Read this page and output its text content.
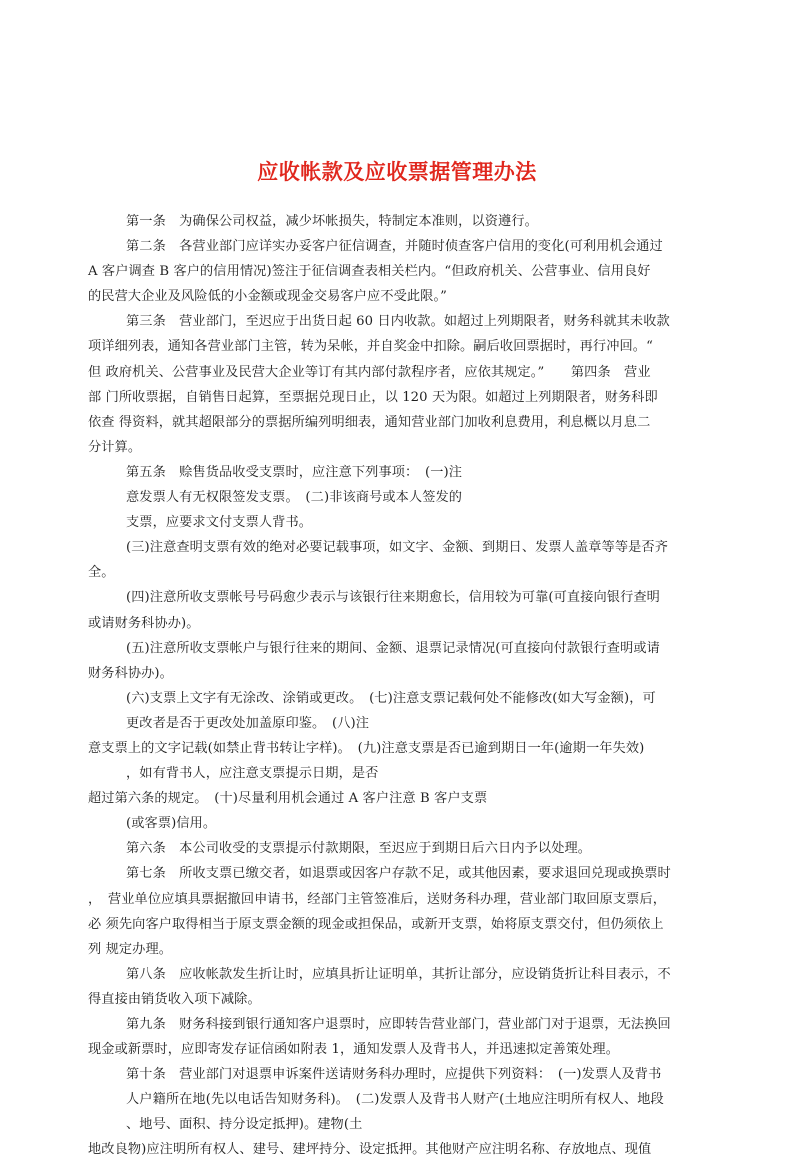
应收帐款及应收票据管理办法
第一条　为确保公司权益，减少坏帐损失，特制定本准则，以资遵行。
第二条　各营业部门应详实办妥客户征信调查，并随时侦查客户信用的变化(可利用机会通过
A 客户调查 B 客户的信用情况)签注于征信调查表相关栏内。“但政府机关、公营事业、信用良好
的民营大企业及风险低的小金额或现金交易客户应不受此限。”
第三条　营业部门，至迟应于出货日起 60 日内收款。如超过上列期限者，财务科就其未收款
项详细列表，通知各营业部门主管，转为呆帐，并自奖金中扣除。嗣后收回票据时，再行冲回。“
但 政府机关、公营事业及民营大企业等订有其内部付款程序者，应依其规定。”　　第四条　营业
部 门所收票据，自销售日起算，至票据兑现日止，以 120 天为限。如超过上列期限者，财务科即
依查 得资料，就其超限部分的票据所编列明细表，通知营业部门加收利息费用，利息概以月息二
分计算。
第五条　赊售货品收受支票时，应注意下列事项：　(一)注
意发票人有无权限签发支票。　(二)非该商号或本人签发的
支票，应要求文付支票人背书。
(三)注意查明支票有效的绝对必要记载事项，如文字、金额、到期日、发票人盖章等等是否齐
全。
(四)注意所收支票帐号号码愈少表示与该银行往来期愈长，信用较为可靠(可直接向银行查明
或请财务科协办)。
(五)注意所收支票帐户与银行往来的期间、金额、退票记录情况(可直接向付款银行查明或请
财务科协办)。
(六)支票上文字有无涂改、涂销或更改。　(七)注意支票记载何处不能修改(如大写金额)，可
更改者是否于更改处加盖原印鉴。　(八)注
意支票上的文字记载(如禁止背书转让字样)。　(九)注意支票是否已逾到期日一年(逾期一年失效)
，如有背书人，应注意支票提示日期，是否
超过第六条的规定。　(十)尽量利用机会通过 A 客户注意 B 客户支票
(或客票)信用。
第六条　本公司收受的支票提示付款期限，至迟应于到期日后六日内予以处理。
第七条　所收支票已缴交者，如退票或因客户存款不足，或其他因素，要求退回兑现或换票时
，　营业单位应填具票据撤回申请书，经部门主管签准后，送财务科办理，营业部门取回原支票后，
必 须先向客户取得相当于原支票金额的现金或担保品，或新开支票，始将原支票交付，但仍须依上
列 规定办理。
第八条　应收帐款发生折让时，应填具折让证明单，其折让部分，应设销货折让科目表示，不
得直接由销货收入项下减除。
第九条　财务科接到银行通知客户退票时，应即转告营业部门，营业部门对于退票，无法换回
现金或新票时，应即寄发存证信函如附表 1，通知发票人及背书人，并迅速拟定善策处理。
第十条　营业部门对退票申诉案件送请财务科办理时，应提供下列资料：　(一)发票人及背书
人户籍所在地(先以电话告知财务科)。　(二)发票人及背书人财产(土地应注明所有权人、地段
、地号、面积、持分设定抵押)。建物(土
地改良物)应注明所有权人、建号、建坪持分、设定抵押。其他财产应注明名称、存放地点、现值
